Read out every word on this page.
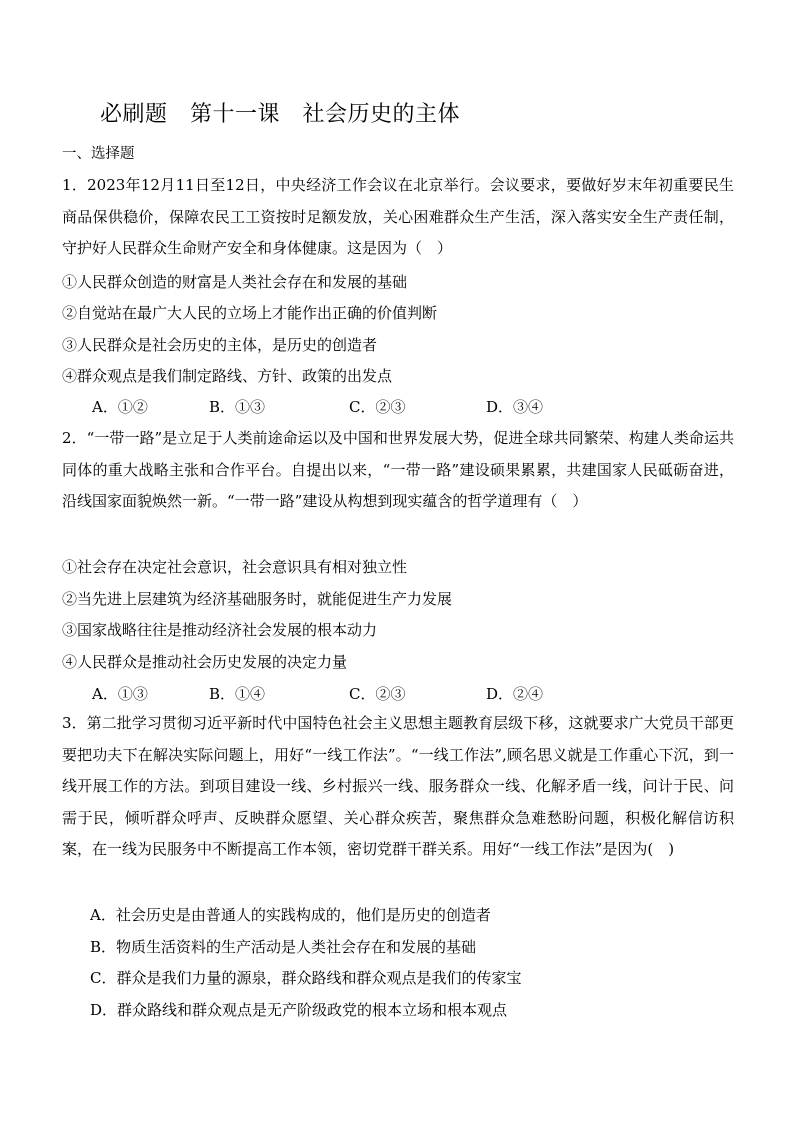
必刷题　第十一课　社会历史的主体
一、选择题
1．2023年12月11日至12日，中央经济工作会议在北京举行。会议要求，要做好岁末年初重要民生商品保供稳价，保障农民工工资按时足额发放，关心困难群众生产生活，深入落实安全生产责任制，守护好人民群众生命财产安全和身体健康。这是因为（　）
①人民群众创造的财富是人类社会存在和发展的基础
②自觉站在最广大人民的立场上才能作出正确的价值判断
③人民群众是社会历史的主体，是历史的创造者
④群众观点是我们制定路线、方针、政策的出发点
A．①②	B．①③	C．②③	D．③④
2．“一带一路”是立足于人类前途命运以及中国和世界发展大势，促进全球共同繁荣、构建人类命运共同体的重大战略主张和合作平台。自提出以来，“一带一路”建设硕果累累，共建国家人民砥砺奋进，沿线国家面貌焕然一新。“一带一路”建设从构想到现实蕴含的哲学道理有（　）
①社会存在决定社会意识，社会意识具有相对独立性
②当先进上层建筑为经济基础服务时，就能促进生产力发展
③国家战略往往是推动经济社会发展的根本动力
④人民群众是推动社会历史发展的决定力量
A．①③	B．①④	C．②③	D．②④
3．第二批学习贯彻习近平新时代中国特色社会主义思想主题教育层级下移，这就要求广大党员干部更要把功夫下在解决实际问题上，用好“一线工作法”。“一线工作法”,顾名思义就是工作重心下沉，到一线开展工作的方法。到项目建设一线、乡村振兴一线、服务群众一线、化解矛盾一线，问计于民、问需于民，倾听群众呼声、反映群众愿望、关心群众疾苦，聚焦群众急难愁盼问题，积极化解信访积案，在一线为民服务中不断提高工作本领，密切党群干群关系。用好“一线工作法”是因为(　)
A．社会历史是由普通人的实践构成的，他们是历史的创造者
B．物质生活资料的生产活动是人类社会存在和发展的基础
C．群众是我们力量的源泉，群众路线和群众观点是我们的传家宝
D．群众路线和群众观点是无产阶级政党的根本立场和根本观点
